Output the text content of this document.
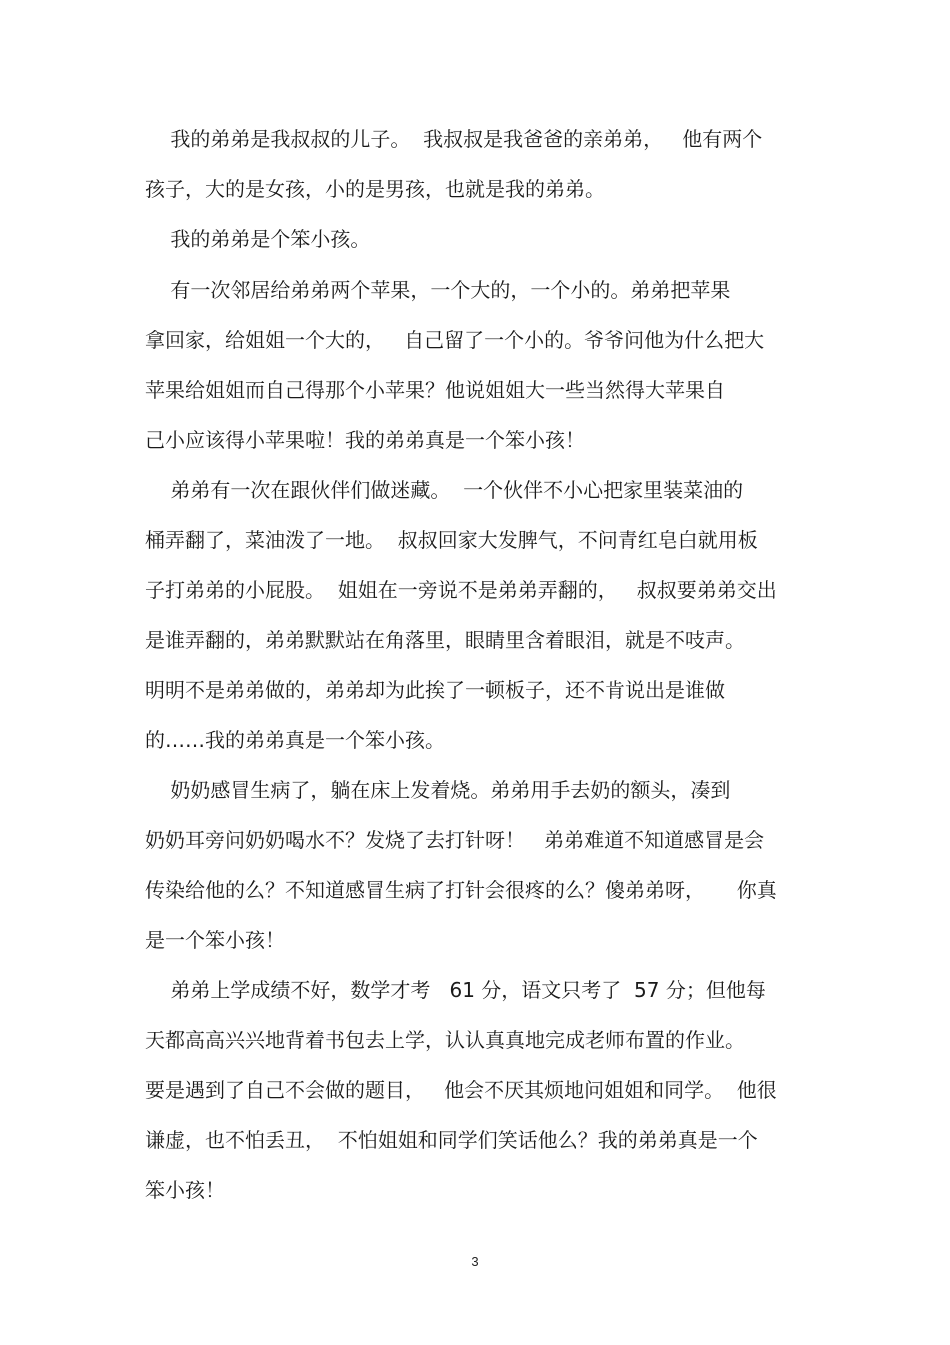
我的弟弟是我叔叔的儿子。  我叔叔是我爸爸的亲弟弟，   他有两个
孩子，大的是女孩，小的是男孩，也就是我的弟弟。
我的弟弟是个笨小孩。
有一次邻居给弟弟两个苹果，一个大的，一个小的。弟弟把苹果
拿回家，给姐姐一个大的，   自己留了一个小的。爷爷问他为什么把大
苹果给姐姐而自己得那个小苹果？他说姐姐大一些当然得大苹果自
己小应该得小苹果啦！我的弟弟真是一个笨小孩！
弟弟有一次在跟伙伴们做迷藏。  一个伙伴不小心把家里装菜油的
桶弄翻了，菜油泼了一地。  叔叔回家大发脾气，不问青红皂白就用板
子打弟弟的小屁股。  姐姐在一旁说不是弟弟弄翻的，   叔叔要弟弟交出
是谁弄翻的，弟弟默默站在角落里，眼睛里含着眼泪，就是不吱声。
明明不是弟弟做的，弟弟却为此挨了一顿板子，还不肯说出是谁做
的……我的弟弟真是一个笨小孩。
奶奶感冒生病了，躺在床上发着烧。弟弟用手去奶的额头，凑到
奶奶耳旁问奶奶喝水不？发烧了去打针呀！   弟弟难道不知道感冒是会
传染给他的么？不知道感冒生病了打针会很疼的么？傻弟弟呀，     你真
是一个笨小孩！
弟弟上学成绩不好，数学才考   61 分，语文只考了  57 分；但他每
天都高高兴兴地背着书包去上学，认认真真地完成老师布置的作业。
要是遇到了自己不会做的题目，   他会不厌其烦地问姐姐和同学。  他很
谦虚，也不怕丢丑，  不怕姐姐和同学们笑话他么？我的弟弟真是一个
笨小孩！
3
